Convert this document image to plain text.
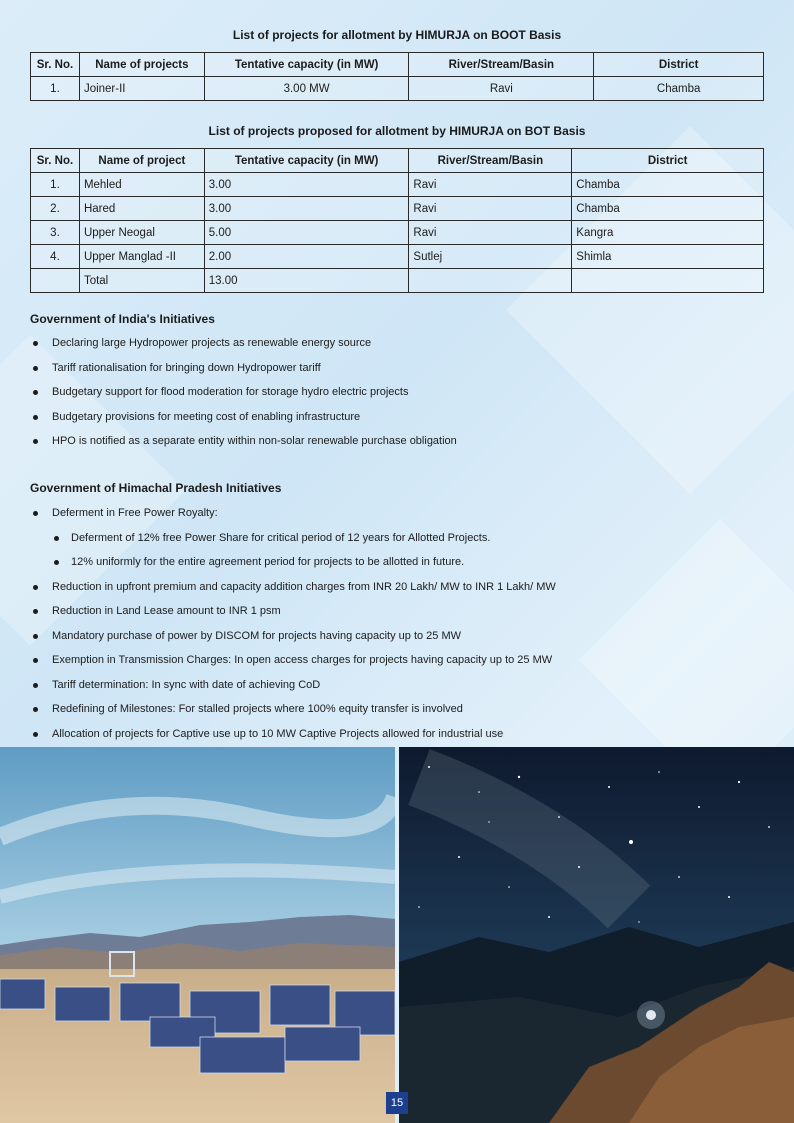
List of projects for allotment by HIMURJA on BOOT Basis
Sr. No.	Name of projects	Tentative capacity (in MW)	River/Stream/Basin	District
1.	Joiner-II	3.00 MW	Ravi	Chamba
List of projects proposed for allotment by HIMURJA on BOT Basis
Sr. No.	Name of project	Tentative capacity (in MW)	River/Stream/Basin	District
1.	Mehled	3.00	Ravi	Chamba
2.	Hared	3.00	Ravi	Chamba
3.	Upper Neogal	5.00	Ravi	Kangra
4.	Upper Manglad -II	2.00	Sutlej	Shimla
	Total	13.00		
Government of India's Initiatives
Declaring large Hydropower projects as renewable energy source
Tariff rationalisation for bringing down Hydropower tariff
Budgetary support for flood moderation for storage hydro electric projects
Budgetary provisions for meeting cost of enabling infrastructure
HPO is notified as a separate entity within non-solar renewable purchase obligation
Government of Himachal Pradesh Initiatives
Deferment in Free Power Royalty:
Deferment of 12% free Power Share for critical period of 12 years for Allotted Projects.
12% uniformly for the entire agreement period for projects to be allotted in future.
Reduction in upfront premium and capacity addition charges from INR 20 Lakh/ MW to INR 1 Lakh/ MW
Reduction in Land Lease amount to INR 1 psm
Mandatory purchase of power by DISCOM for projects having capacity up to 25 MW
Exemption in Transmission Charges: In open access charges for projects having capacity up to 25 MW
Tariff determination: In sync with date of achieving CoD
Redefining of Milestones: For stalled projects where 100% equity transfer is involved
Allocation of projects for Captive use up to 10 MW Captive Projects allowed for industrial use
15
